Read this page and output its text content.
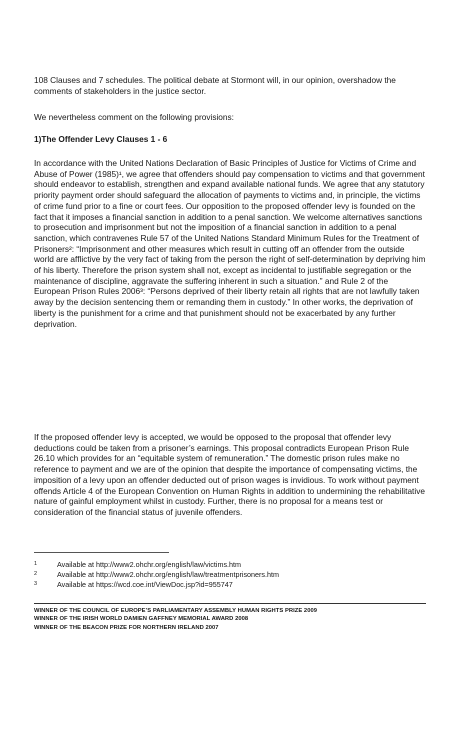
108 Clauses and 7 schedules. The political debate at Stormont will, in our opinion, overshadow the comments of stakeholders in the justice sector.

We nevertheless comment on the following provisions:

1)The Offender Levy Clauses 1 - 6

In accordance with the United Nations Declaration of Basic Principles of Justice for Victims of Crime and Abuse of Power (1985)¹, we agree that offenders should pay compensation to victims and that government should endeavor to establish, strengthen and expand available national funds. We agree that any statutory priority payment order should safeguard the allocation of payments to victims and, in principle, the victims of crime fund prior to a fine or court fees. Our opposition to the proposed offender levy is founded on the fact that it imposes a financial sanction in addition to a penal sanction. We welcome alternatives sanctions to prosecution and imprisonment but not the imposition of a financial sanction in addition to a penal sanction, which contravenes Rule 57 of the United Nations Standard Minimum Rules for the Treatment of Prisoners²: “Imprisonment and other measures which result in cutting off an offender from the outside world are afflictive by the very fact of taking from the person the right of self-determination by depriving him of his liberty. Therefore the prison system shall not, except as incidental to justifiable segregation or the maintenance of discipline, aggravate the suffering inherent in such a situation.” and Rule 2 of the European Prison Rules 2006³: “Persons deprived of their liberty retain all rights that are not lawfully taken away by the decision sentencing them or remanding them in custody.” In other works, the deprivation of liberty is the punishment for a crime and that punishment should not be exacerbated by any further deprivation.

If the proposed offender levy is accepted, we would be opposed to the proposal that offender levy deductions could be taken from a prisoner’s earnings. This proposal contradicts European Prison Rule 26.10 which provides for an “equitable system of remuneration.” The domestic prison rules make no reference to payment and we are of the opinion that despite the importance of compensating victims, the imposition of a levy upon an offender deducted out of prison wages is invidious. To work without payment offends Article 4 of the European Convention on Human Rights in addition to undermining the rehabilitative nature of gainful employment whilst in custody. Further, there is no proposal for a means test or consideration of the financial status of juvenile offenders.

1	Available at http://www2.ohchr.org/english/law/victims.htm
2	Available at http://www2.ohchr.org/english/law/treatmentprisoners.htm
3	Available at https://wcd.coe.int/ViewDoc.jsp?id=955747
WINNER OF THE COUNCIL OF EUROPE’S PARLIAMENTARY ASSEMBLY HUMAN RIGHTS PRIZE 2009
WINNER OF THE IRISH WORLD DAMIEN GAFFNEY MEMORIAL AWARD 2008
WINNER OF THE BEACON PRIZE FOR NORTHERN IRELAND 2007
